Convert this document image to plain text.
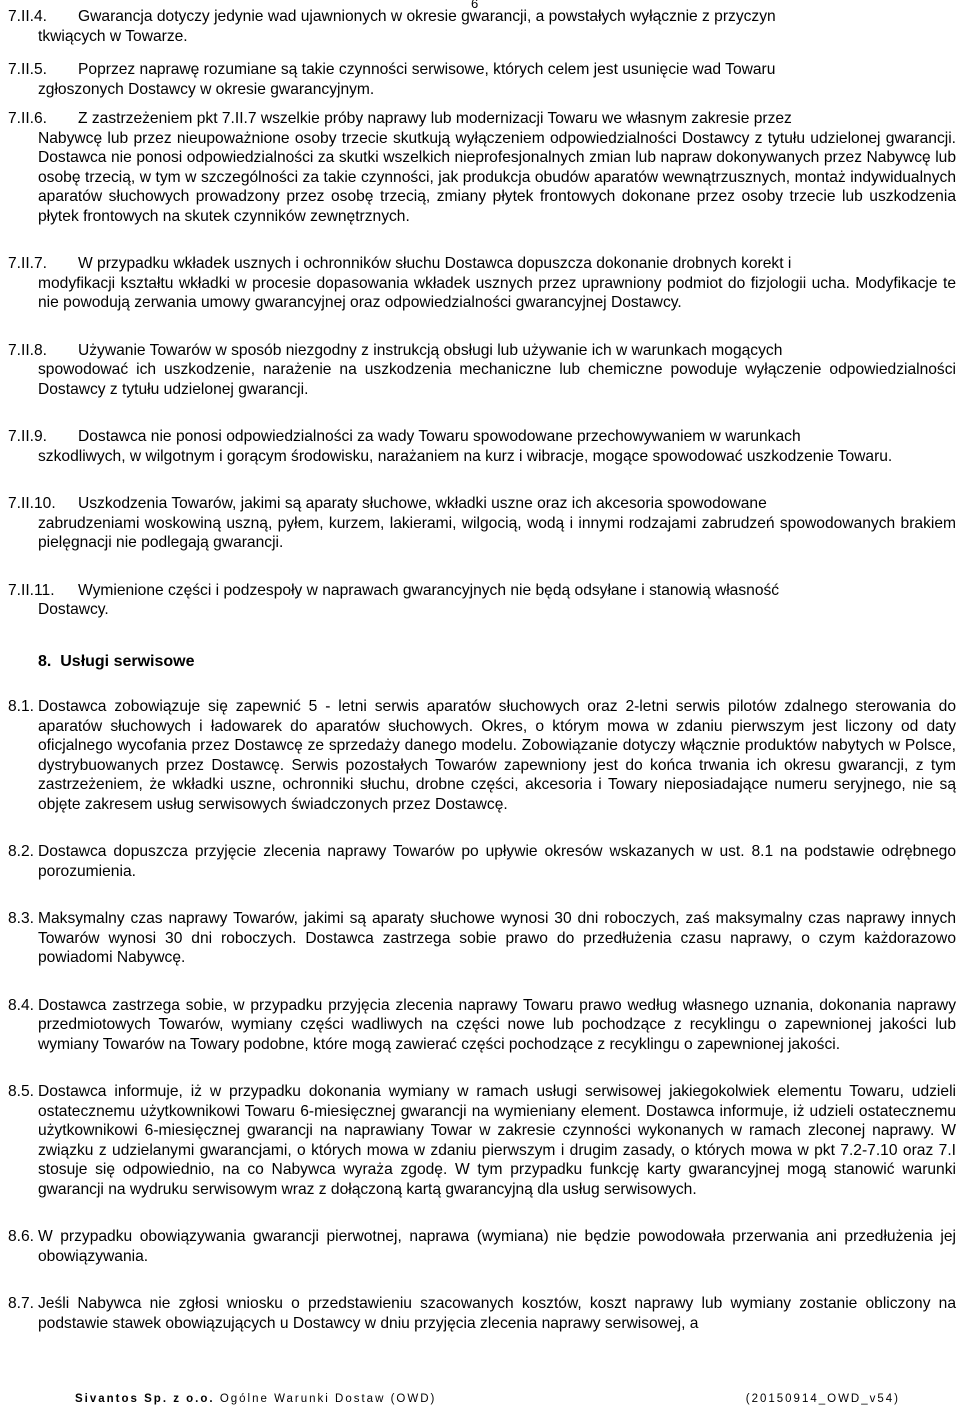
6

7.II.4.	Gwarancja dotyczy jedynie wad ujawnionych w okresie gwarancji, a powstałych wyłącznie z przyczyn
tkwiących w Towarze.

7.II.5.	Poprzez naprawę rozumiane są takie czynności serwisowe, których celem jest usunięcie wad Towaru
zgłoszonych Dostawcy w okresie gwarancyjnym.

7.II.6.	Z zastrzeżeniem pkt 7.II.7 wszelkie próby naprawy lub modernizacji Towaru we własnym zakresie przez
Nabywcę lub przez nieupoważnione osoby trzecie skutkują wyłączeniem odpowiedzialności Dostawcy z tytułu udzielonej gwarancji. Dostawca nie ponosi odpowiedzialności za skutki wszelkich nieprofesjonalnych zmian lub napraw dokonywanych przez Nabywcę lub osobę trzecią, w tym w szczególności za takie czynności, jak produkcja obudów aparatów wewnątrzusznych, montaż indywidualnych aparatów słuchowych prowadzony przez osobę trzecią, zmiany płytek frontowych dokonane przez osoby trzecie lub uszkodzenia płytek frontowych na skutek czynników zewnętrznych.

7.II.7.	W przypadku wkładek usznych i ochronników słuchu Dostawca dopuszcza dokonanie drobnych korekt i
modyfikacji kształtu wkładki w procesie dopasowania wkładek usznych przez uprawniony podmiot do fizjologii ucha. Modyfikacje te nie powodują zerwania umowy gwarancyjnej oraz odpowiedzialności gwarancyjnej Dostawcy.

7.II.8.	Używanie Towarów w sposób niezgodny z instrukcją obsługi lub używanie ich w warunkach mogących
spowodować ich uszkodzenie, narażenie na uszkodzenia mechaniczne lub chemiczne powoduje wyłączenie odpowiedzialności Dostawcy z tytułu udzielonej gwarancji.

7.II.9.	Dostawca nie ponosi odpowiedzialności za wady Towaru spowodowane przechowywaniem w warunkach
szkodliwych, w wilgotnym i gorącym środowisku, narażaniem na kurz i wibracje, mogące spowodować uszkodzenie Towaru.

7.II.10.	Uszkodzenia Towarów, jakimi są aparaty słuchowe, wkładki uszne oraz ich akcesoria spowodowane
zabrudzeniami woskowiną uszną, pyłem, kurzem, lakierami, wilgocią, wodą i innymi rodzajami zabrudzeń spowodowanych brakiem pielęgnacji nie podlegają gwarancji.

7.II.11.	Wymienione części i podzespoły w naprawach gwarancyjnych nie będą odsyłane i stanowią własność
Dostawcy.

8. Usługi serwisowe

8.1. Dostawca zobowiązuje się zapewnić 5 - letni serwis aparatów słuchowych oraz 2-letni serwis pilotów zdalnego sterowania do aparatów słuchowych i ładowarek do aparatów słuchowych. Okres, o którym mowa w zdaniu pierwszym jest liczony od daty oficjalnego wycofania przez Dostawcę ze sprzedaży danego modelu. Zobowiązanie dotyczy włącznie produktów nabytych w Polsce, dystrybuowanych przez Dostawcę. Serwis pozostałych Towarów zapewniony jest do końca trwania ich okresu gwarancji, z tym zastrzeżeniem, że wkładki uszne, ochronniki słuchu, drobne części, akcesoria i Towary nieposiadające numeru seryjnego, nie są objęte zakresem usług serwisowych świadczonych przez Dostawcę.

8.2. Dostawca dopuszcza przyjęcie zlecenia naprawy Towarów po upływie okresów wskazanych w ust. 8.1 na podstawie odrębnego porozumienia.

8.3. Maksymalny czas naprawy Towarów, jakimi są aparaty słuchowe wynosi 30 dni roboczych, zaś maksymalny czas naprawy innych Towarów wynosi 30 dni roboczych. Dostawca zastrzega sobie prawo do przedłużenia czasu naprawy, o czym każdorazowo powiadomi Nabywcę.

8.4. Dostawca zastrzega sobie, w przypadku przyjęcia zlecenia naprawy Towaru prawo według własnego uznania, dokonania naprawy przedmiotowych Towarów, wymiany części wadliwych na części nowe lub pochodzące z recyklingu o zapewnionej jakości lub wymiany Towarów na Towary podobne, które mogą zawierać części pochodzące z recyklingu o zapewnionej jakości.

8.5. Dostawca informuje, iż w przypadku dokonania wymiany w ramach usługi serwisowej jakiegokolwiek elementu Towaru, udzieli ostatecznemu użytkownikowi Towaru 6-miesięcznej gwarancji na wymieniany element. Dostawca informuje, iż udzieli ostatecznemu użytkownikowi 6-miesięcznej gwarancji na naprawiany Towar w zakresie czynności wykonanych w ramach zleconej naprawy. W związku z udzielanymi gwarancjami, o których mowa w zdaniu pierwszym i drugim zasady, o których mowa w pkt 7.2-7.10 oraz 7.I stosuje się odpowiednio, na co Nabywca wyraża zgodę. W tym przypadku funkcję karty gwarancyjnej mogą stanowić warunki gwarancji na wydruku serwisowym wraz z dołączoną kartą gwarancyjną dla usług serwisowych.

8.6. W przypadku obowiązywania gwarancji pierwotnej, naprawa (wymiana) nie będzie powodowała przerwania ani przedłużenia jej obowiązywania.

8.7. Jeśli Nabywca nie zgłosi wniosku o przedstawieniu szacowanych kosztów, koszt naprawy lub wymiany zostanie obliczony na podstawie stawek obowiązujących u Dostawcy w dniu przyjęcia zlecenia naprawy serwisowej, a

Sivantos Sp. z o.o. Ogólne Warunki Dostaw (OWD)	(20150914_OWD_v54)
